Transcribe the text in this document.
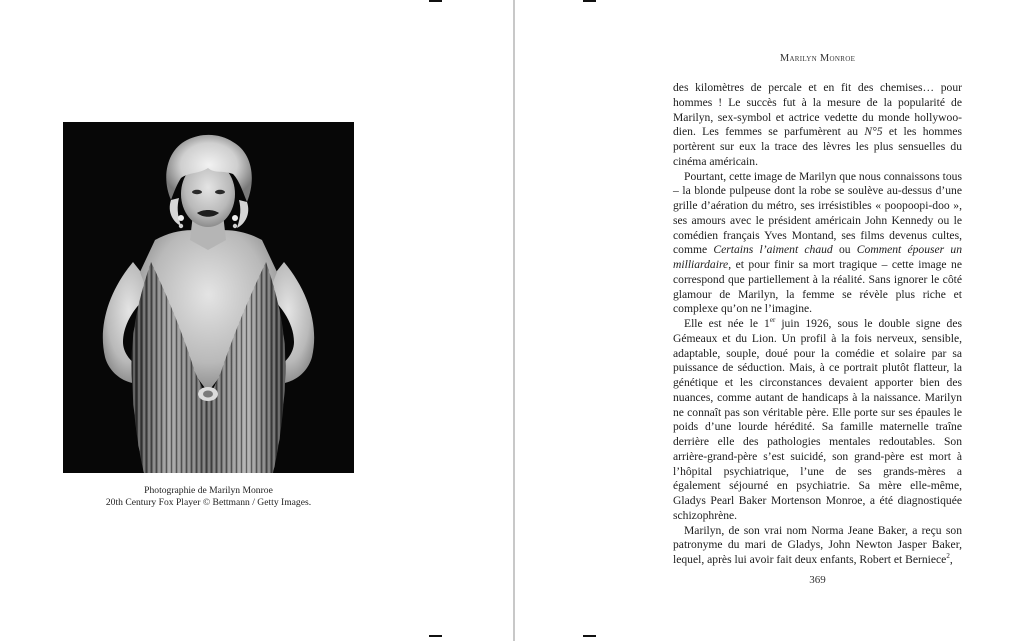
Photographie de Marilyn Monroe
20th Century Fox Player © Bettmann / Getty Images.
Marilyn Monroe

des kilomètres de percale et en fit des chemises… pour hommes ! Le succès fut à la mesure de la popularité de Marilyn, sex-symbol et actrice vedette du monde hollywoo-dien. Les femmes se parfumèrent au N°5 et les hommes portèrent sur eux la trace des lèvres les plus sensuelles du cinéma américain.

Pourtant, cette image de Marilyn que nous connaissons tous – la blonde pulpeuse dont la robe se soulève au-dessus d’une grille d’aération du métro, ses irrésistibles « poopoopi-doo », ses amours avec le président américain John Kennedy ou le comédien français Yves Montand, ses films devenus cultes, comme Certains l’aiment chaud ou Comment épouser un milliardaire, et pour finir sa mort tragique – cette image ne correspond que partiellement à la réalité. Sans ignorer le côté glamour de Marilyn, la femme se révèle plus riche et complexe qu’on ne l’imagine.

Elle est née le 1er juin 1926, sous le double signe des Gémeaux et du Lion. Un profil à la fois nerveux, sensible, adaptable, souple, doué pour la comédie et solaire par sa puissance de séduction. Mais, à ce portrait plutôt flatteur, la génétique et les circonstances devaient apporter bien des nuances, comme autant de handicaps à la naissance. Marilyn ne connaît pas son véritable père. Elle porte sur ses épaules le poids d’une lourde hérédité. Sa famille maternelle traîne derrière elle des pathologies mentales redoutables. Son arrière-grand-père s’est suicidé, son grand-père est mort à l’hôpital psychiatrique, l’une de ses grands-mères a également séjourné en psychiatrie. Sa mère elle-même, Gladys Pearl Baker Mortenson Monroe, a été diagnostiquée schizophrène.

Marilyn, de son vrai nom Norma Jeane Baker, a reçu son patronyme du mari de Gladys, John Newton Jasper Baker, lequel, après lui avoir fait deux enfants, Robert et Berniece$^2$,

369
